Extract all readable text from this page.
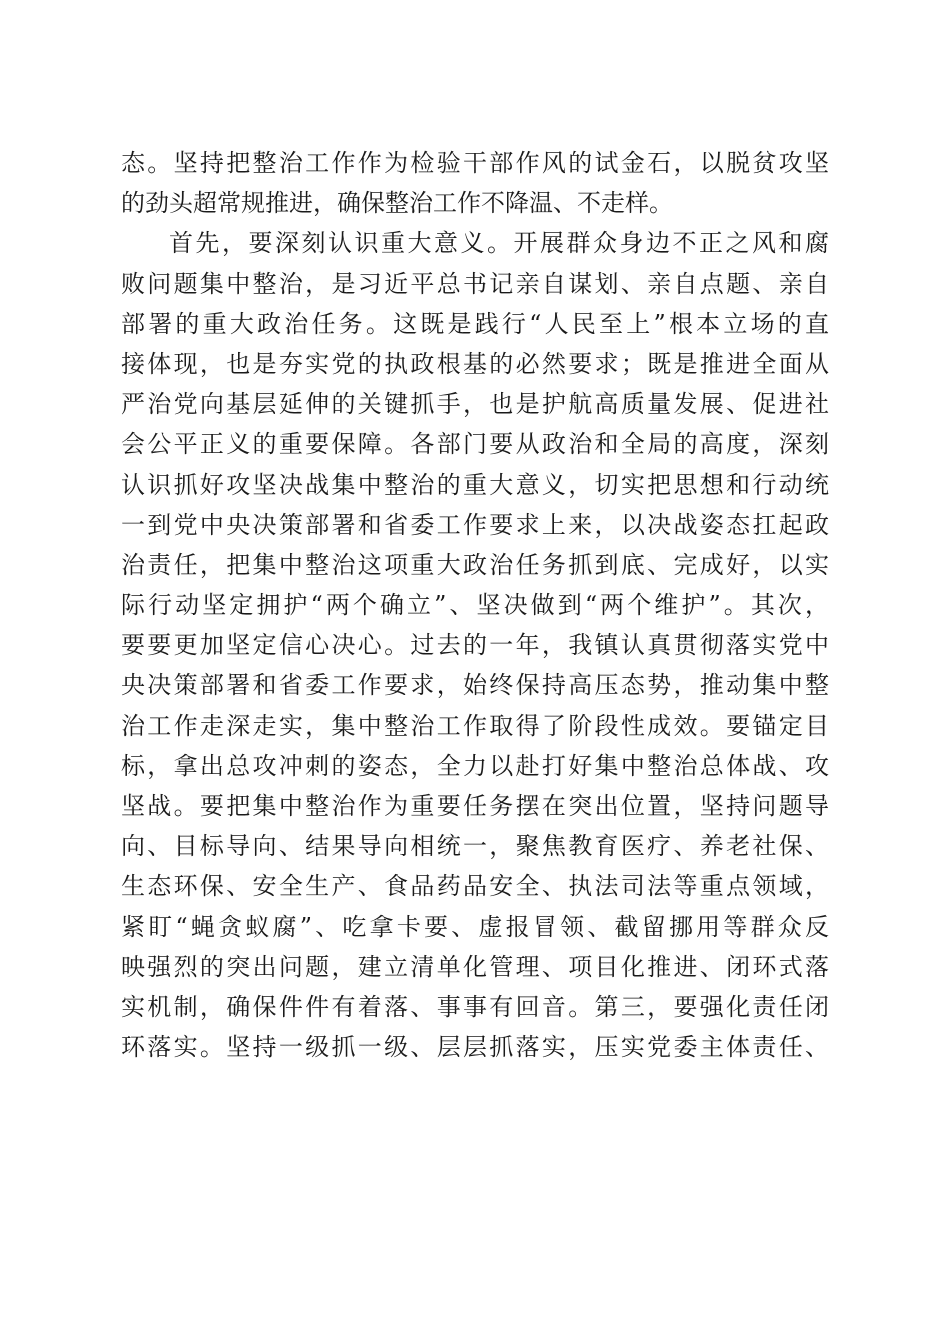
态。坚持把整治工作作为检验干部作风的试金石，以脱贫攻坚
的劲头超常规推进，确保整治工作不降温、不走样。
首先，要深刻认识重大意义。开展群众身边不正之风和腐
败问题集中整治，是习近平总书记亲自谋划、亲自点题、亲自
部署的重大政治任务。这既是践行“人民至上”根本立场的直
接体现，也是夯实党的执政根基的必然要求；既是推进全面从
严治党向基层延伸的关键抓手，也是护航高质量发展、促进社
会公平正义的重要保障。各部门要从政治和全局的高度，深刻
认识抓好攻坚决战集中整治的重大意义，切实把思想和行动统
一到党中央决策部署和省委工作要求上来，以决战姿态扛起政
治责任，把集中整治这项重大政治任务抓到底、完成好，以实
际行动坚定拥护“两个确立”、坚决做到“两个维护”。其次，
要要更加坚定信心决心。过去的一年，我镇认真贯彻落实党中
央决策部署和省委工作要求，始终保持高压态势，推动集中整
治工作走深走实，集中整治工作取得了阶段性成效。要锚定目
标，拿出总攻冲刺的姿态，全力以赴打好集中整治总体战、攻
坚战。要把集中整治作为重要任务摆在突出位置，坚持问题导
向、目标导向、结果导向相统一，聚焦教育医疗、养老社保、
生态环保、安全生产、食品药品安全、执法司法等重点领域，
紧盯“蝇贪蚁腐”、吃拿卡要、虚报冒领、截留挪用等群众反
映强烈的突出问题，建立清单化管理、项目化推进、闭环式落
实机制，确保件件有着落、事事有回音。第三，要强化责任闭
环落实。坚持一级抓一级、层层抓落实，压实党委主体责任、
